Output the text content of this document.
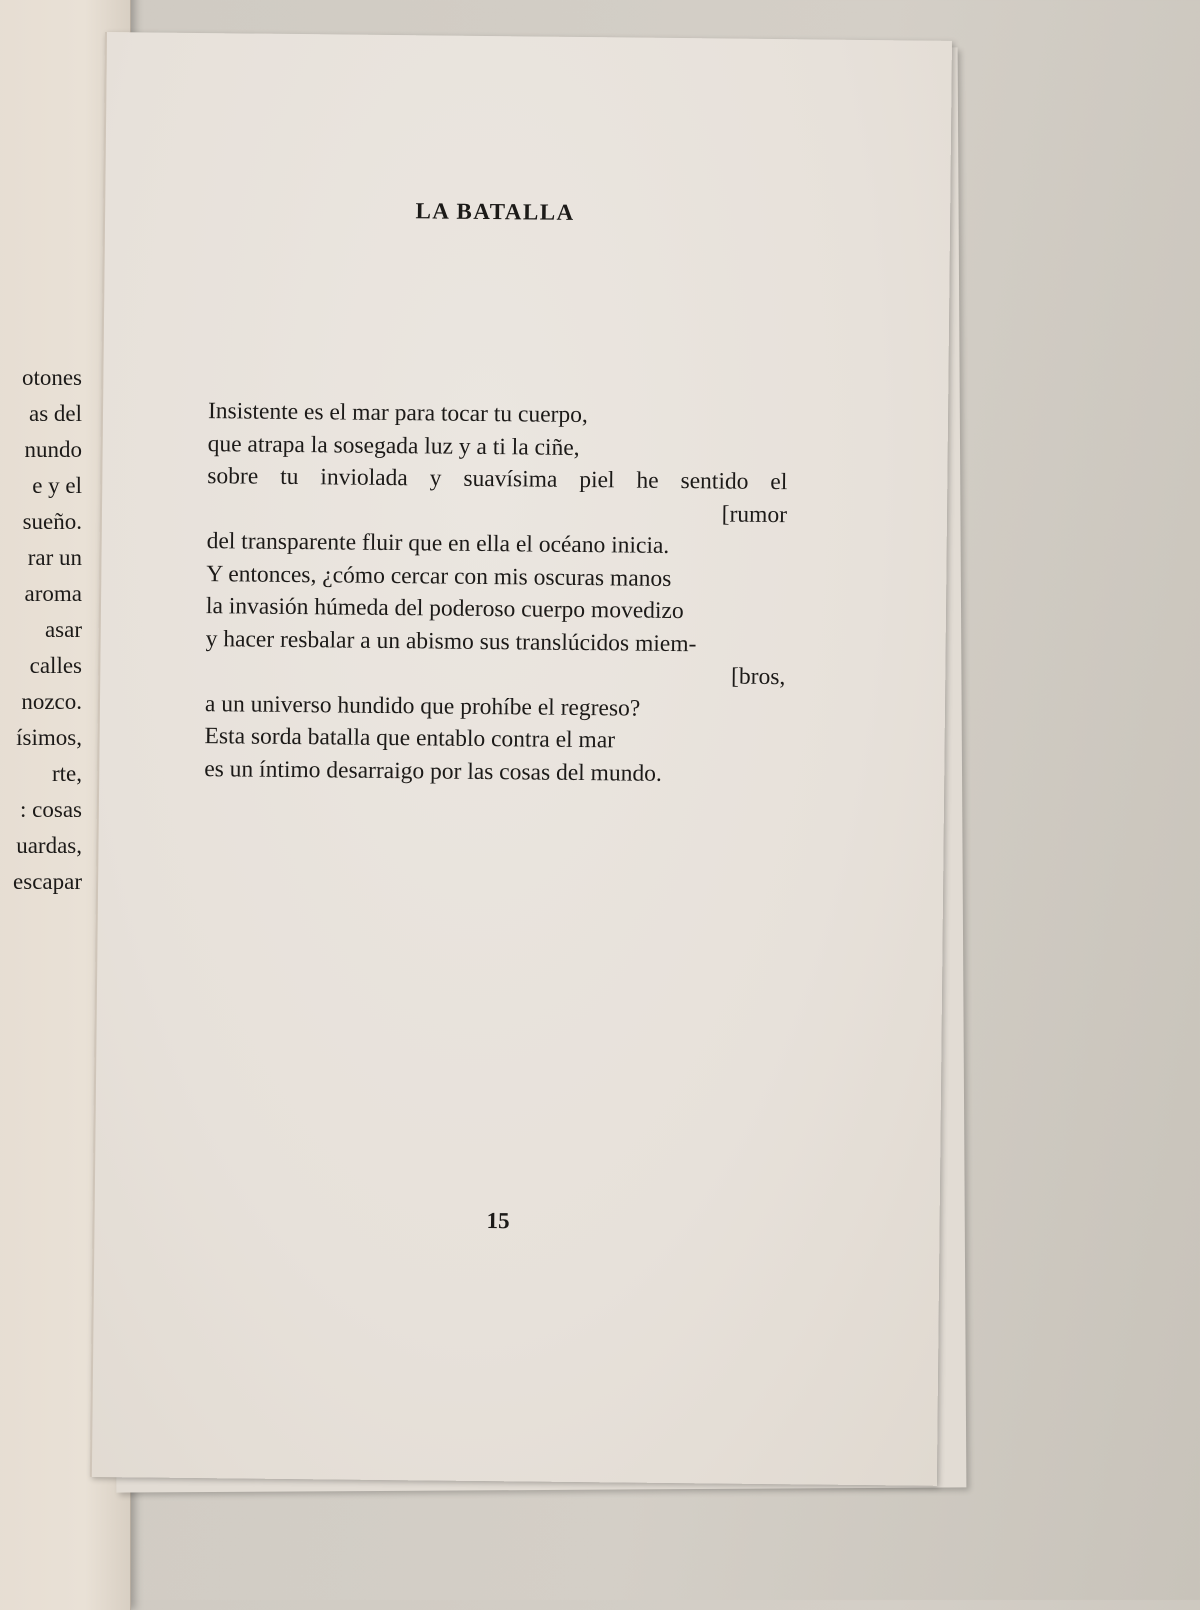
otones
as del
nundo
e y el
sueño.
rar un
aroma
asar
calles
nozco.
ísimos,
rte,
: cosas
uardas,
escapar
LA BATALLA
Insistente es el mar para tocar tu cuerpo,
que atrapa la sosegada luz y a ti la ciñe,
sobre tu inviolada y suavísima piel he sentido el
[rumor
del transparente fluir que en ella el océano inicia.
Y entonces, ¿cómo cercar con mis oscuras manos
la invasión húmeda del poderoso cuerpo movedizo
y hacer resbalar a un abismo sus translúcidos miem-
[bros,
a un universo hundido que prohíbe el regreso?
Esta sorda batalla que entablo contra el mar
es un íntimo desarraigo por las cosas del mundo.
15
